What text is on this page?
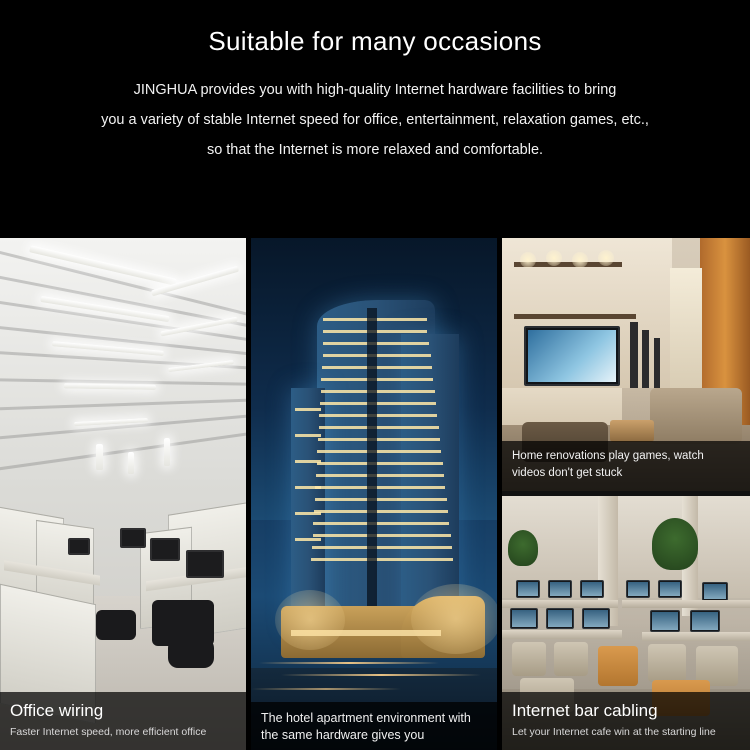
Suitable for many occasions

JINGHUA provides you with high-quality Internet hardware facilities to bring

you a variety of stable Internet speed for office, entertainment, relaxation games, etc.,

so that the Internet is more relaxed and comfortable.

Office wiring
Faster Internet speed, more efficient office
The hotel apartment environment with the same hardware gives you
Home renovations play games, watch videos don't get stuck
Internet bar cabling
Let your Internet cafe win at the starting line
